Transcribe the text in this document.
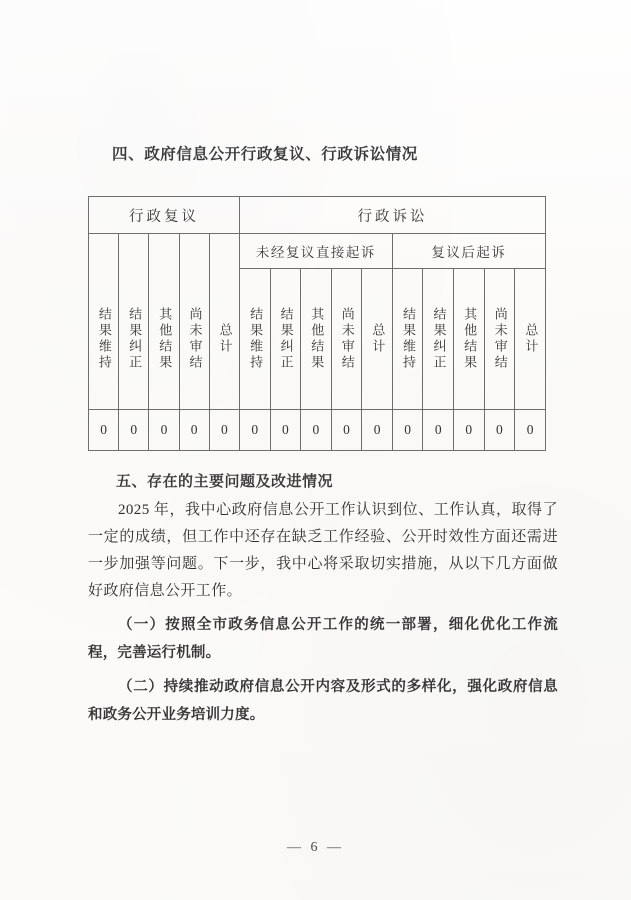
四、政府信息公开行政复议、行政诉讼情况
行政复议					行政诉讼									
					未经复议直接起诉					复议后起诉				

结果维持	结果纠正	其他结果	尚未审结	总计	结果维持	结果纠正	其他结果	尚未审结	总计	结果维持	结果纠正	其他结果	尚未审结	总计

0	0	0	0	0	0	0	0	0	0	0	0	0	0	0
五、存在的主要问题及改进情况

2025 年，我中心政府信息公开工作认识到位、工作认真，取得了一定的成绩，但工作中还存在缺乏工作经验、公开时效性方面还需进一步加强等问题。下一步，我中心将采取切实措施，从以下几方面做好政府信息公开工作。

（一）按照全市政务信息公开工作的统一部署，细化优化工作流程，完善运行机制。

（二）持续推动政府信息公开内容及形式的多样化，强化政府信息和政务公开业务培训力度。

— 6 —
